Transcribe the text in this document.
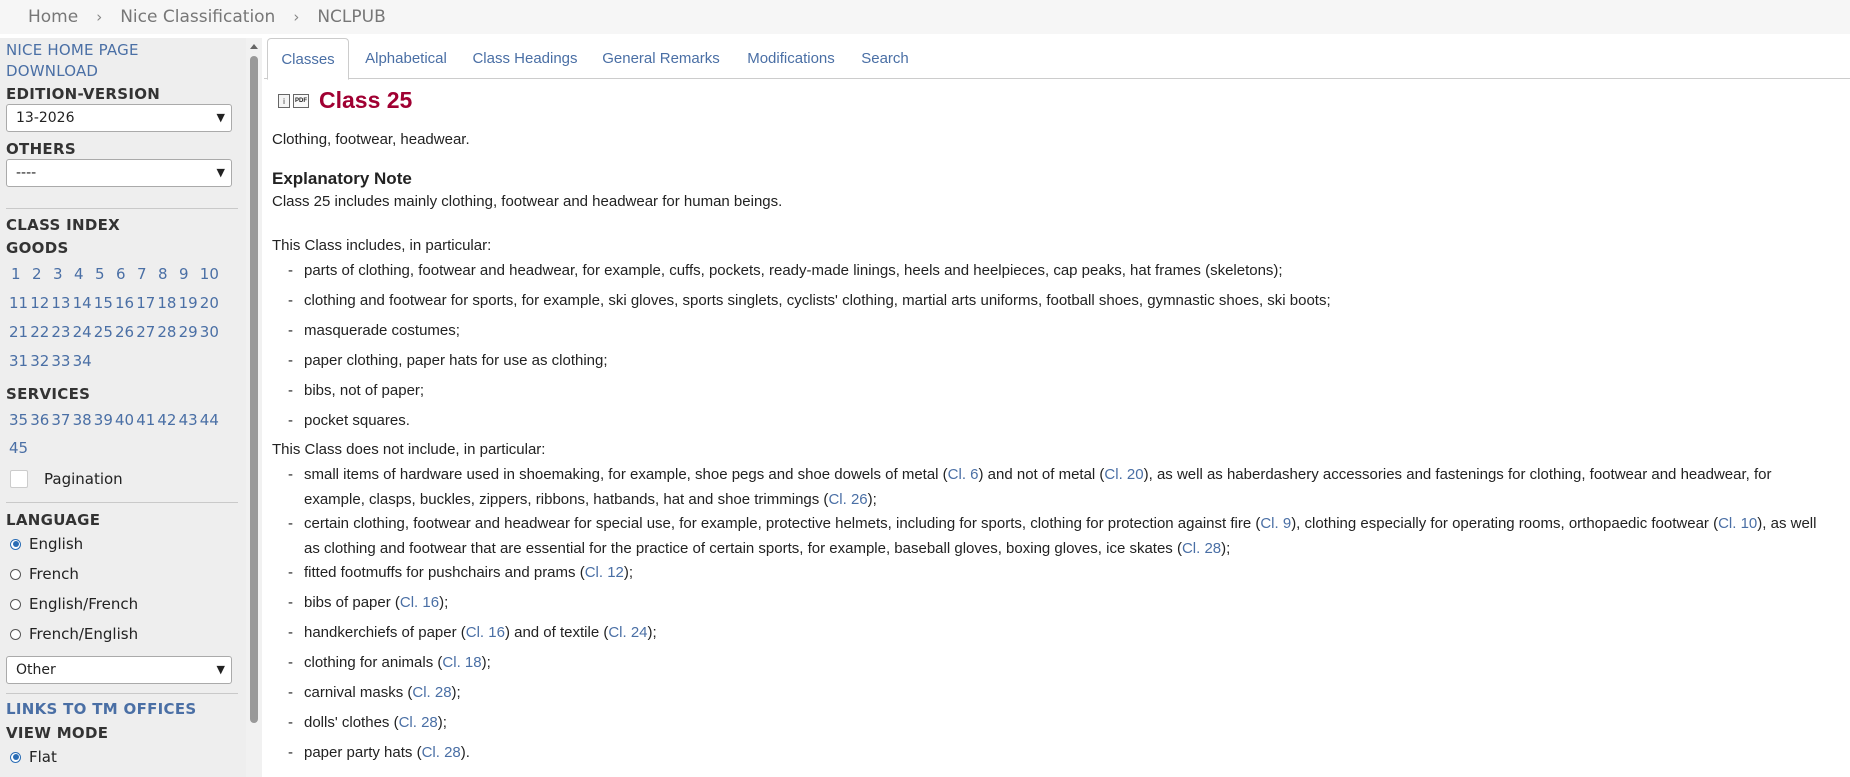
Home › Nice Classification › NCLPUB
NICE HOME PAGE
DOWNLOAD
EDITION-VERSION
13-2026	▼
OTHERS
----	▼
CLASS INDEX
GOODS
1 2 3 4 5 6 7 8 9 10
11 12 13 14 15 16 17 18 19 20
21 22 23 24 25 26 27 28 29 30
31 32 33 34
SERVICES
35 36 37 38 39 40 41 42 43 44
45
Pagination
LANGUAGE
English
French
English/French
French/English
Other	▼
LINKS TO TM OFFICES
VIEW MODE
Flat
Classes	Alphabetical	Class Headings	General Remarks	Modifications	Search
i	PDF Class 25
Clothing, footwear, headwear.
Explanatory Note
Class 25 includes mainly clothing, footwear and headwear for human beings.
This Class includes, in particular:
- parts of clothing, footwear and headwear, for example, cuffs, pockets, ready-made linings, heels and heelpieces, cap peaks, hat frames (skeletons);
- clothing and footwear for sports, for example, ski gloves, sports singlets, cyclists' clothing, martial arts uniforms, football shoes, gymnastic shoes, ski boots;
- masquerade costumes;
- paper clothing, paper hats for use as clothing;
- bibs, not of paper;
- pocket squares.
This Class does not include, in particular:
- small items of hardware used in shoemaking, for example, shoe pegs and shoe dowels of metal (Cl. 6) and not of metal (Cl. 20), as well as haberdashery accessories and fastenings for clothing, footwear and headwear, for example, clasps, buckles, zippers, ribbons, hatbands, hat and shoe trimmings (Cl. 26);
- certain clothing, footwear and headwear for special use, for example, protective helmets, including for sports, clothing for protection against fire (Cl. 9), clothing especially for operating rooms, orthopaedic footwear (Cl. 10), as well as clothing and footwear that are essential for the practice of certain sports, for example, baseball gloves, boxing gloves, ice skates (Cl. 28);
- fitted footmuffs for pushchairs and prams (Cl. 12);
- bibs of paper (Cl. 16);
- handkerchiefs of paper (Cl. 16) and of textile (Cl. 24);
- clothing for animals (Cl. 18);
- carnival masks (Cl. 28);
- dolls' clothes (Cl. 28);
- paper party hats (Cl. 28).
